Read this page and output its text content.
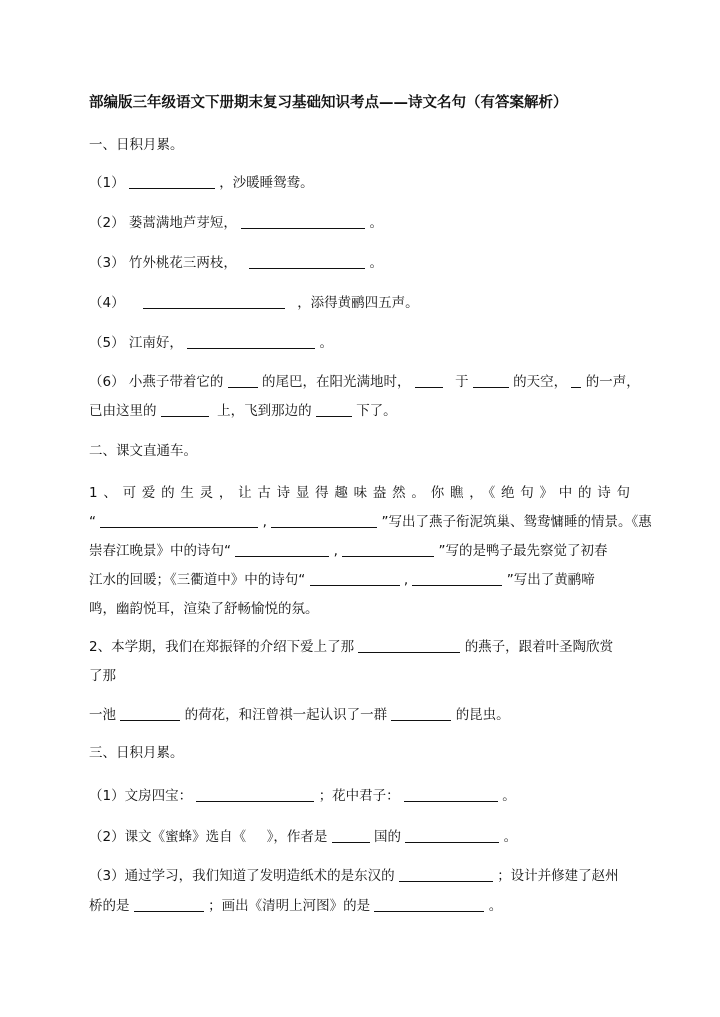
部编版三年级语文下册期末复习基础知识考点——诗文名句（有答案解析）
一、日积月累。
（1）	，沙暖睡鸳鸯。
（2） 蒌蒿满地芦芽短，	。
（3） 竹外桃花三两枝，	。
（4）	，添得黄鹂四五声。
（5） 江南好，	。
（6） 小燕子带着它的	的尾巴，在阳光满地时，	于	的天空， 的一声，
已由这里的	上，飞到那边的	下了。
二、课文直通车。
1、可爱的生灵，让古诗显得趣味盎然。你瞧，《绝句》中的诗句
“	,	”写出了燕子衔泥筑巢、鸳鸯慵睡的情景。《惠
崇春江晚景》中的诗句“	,	”写的是鸭子最先察觉了初春
江水的回暖；《三衢道中》中的诗句“	,	”写出了黄鹂啼
鸣，幽韵悦耳，渲染了舒畅愉悦的氛。
2、本学期，我们在郑振铎的介绍下爱上了那	的燕子，跟着叶圣陶欣赏
了那
一池	的荷花，和汪曾祺一起认识了一群	的昆虫。
三、日积月累。
（1）文房四宝：	；花中君子：	。
（2）课文《蜜蜂》选自《 》，作者是	国的	。
（3）通过学习，我们知道了发明造纸术的是东汉的	；设计并修建了赵州
桥的是	；画出《清明上河图》的是	。
